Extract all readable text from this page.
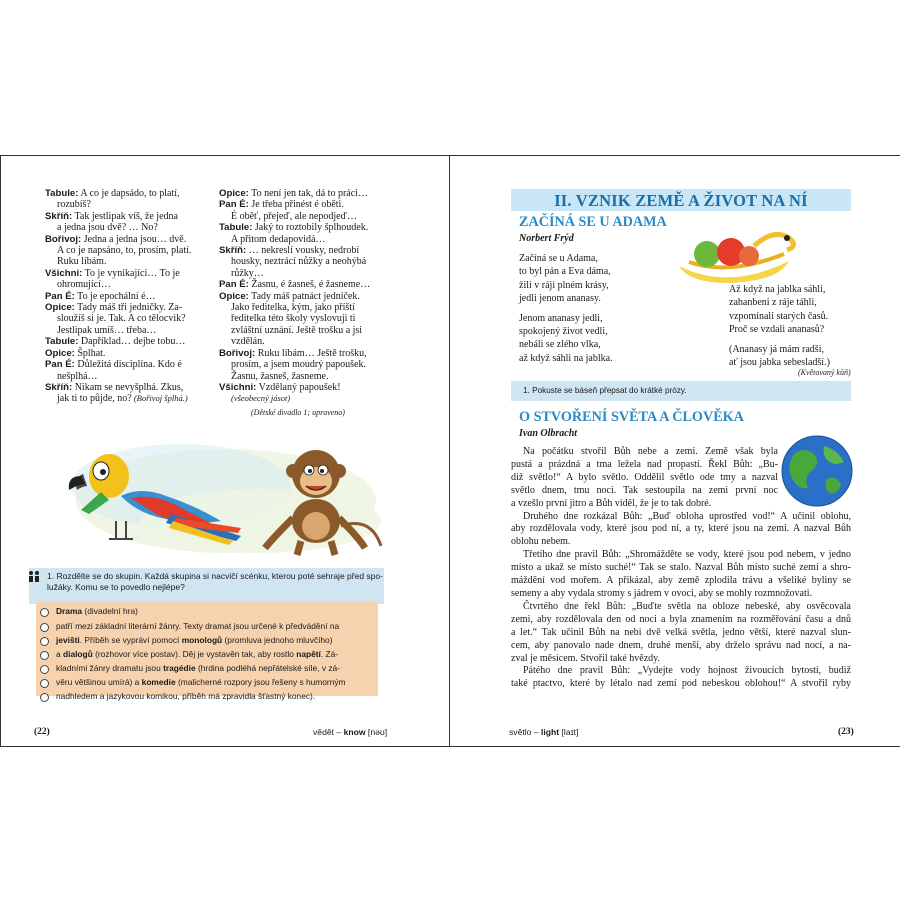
Tabule: A co je dapsádo, to platí,
rozubíš?
Skříň: Tak jestlipak víš, že jedna
a jedna jsou dvě? … No?
Bořivoj: Jedna a jedna jsou… dvě.
A co je napsáno, to, prosím, platí.
Ruku líbám.
Všichni: To je vynikající… To je
ohromující…
Pan É: To je epochální é…
Opice: Tady máš tři jedničky. Za-
sloužíš si je. Tak. A co tělocvik?
Jestlipak umíš… třeba…
Tabule: Dapříklad… dejbe tobu…
Opice: Šplhat.
Pan É: Důležitá disciplína. Kdo é
nešplhá…
Skříň: Nikam se nevyšplhá. Zkus,
jak ti to půjde, no? (Bořivoj šplhá.)
Opice: To není jen tak, dá to práci…
Pan É: Je třeba přinést é oběti.
É oběť, přejeď, ale nepodjeď…
Tabule: Jaký to roztobily šplhoudek.
A přitom dedapovidá…
Skříň: … nekreslí vousky, nedrobí
housky, neztrácí nůžky a neohýbá
růžky…
Pan É: Žasnu, é žasneš, é žasneme…
Opice: Tady máš patnáct jedniček.
Jako ředitelka, kým, jako příští
ředitelka této školy vyslovuji ti
zvláštní uznání. Ještě trošku a jsi
vzdělán.
Bořivoj: Ruku líbám… Ještě trošku,
prosím, a jsem moudrý papoušek.
Žasnu, žasneš, žasneme.
Všichni: Vzdělaný papoušek!
(všeobecný jásot)
(Dětské divadlo 1; upraveno)
1. Rozdělte se do skupin. Každá skupina si nacvičí scénku, kterou poté sehraje před spo-
lužáky. Komu se to povedlo nejlépe?
Drama (divadelní hra)
patří mezi základní literární žánry. Texty dramat jsou určené k předvádění na
jevišti. Příběh se vypráví pomocí monologů (promluva jednoho mluvčího)
a dialogů (rozhovor více postav). Děj je vystavěn tak, aby rostlo napětí. Zá-
kladními žánry dramatu jsou tragédie (hrdina podléhá nepřátelské síle, v zá-
věru většinou umírá) a komedie (malicherné rozpory jsou řešeny s humorným
nadhledem a jazykovou komikou, příběh má zpravidla šťastný konec).
(22)	vědět – know [nəʊ]
II. VZNIK ZEMĚ A ŽIVOT NA NÍ
ZAČÍNÁ SE U ADAMA
Norbert Frýd
Začíná se u Adama,
to byl pán a Eva dáma,
žili v ráji plném krásy,
jedli jenom ananasy.
Jenom ananasy jedli,
spokojený život vedli,
nebáli se zlého vlka,
až když sáhli na jablka.
Až když na jablka sáhli,
zahanbeni z ráje táhli,
vzpomínali starých časů.
Proč se vzdali ananasů?
(Ananasy já mám radši,
ať jsou jabka sebesladší.)
(Květovaný kůň)
1. Pokuste se báseň přepsat do krátké prózy.
O STVOŘENÍ SVĚTA A ČLOVĚKA
Ivan Olbracht
Na počátku stvořil Bůh nebe a zemi. Země však byla
pustá a prázdná a tma ležela nad propastí. Řekl Bůh: „Bu-
diž světlo!“ A bylo světlo. Oddělil světlo ode tmy a nazval
světlo dnem, tmu nocí. Tak sestoupila na zemi první noc
a vzešlo první jitro a Bůh viděl, že je to tak dobré.
Druhého dne rozkázal Bůh: „Buď obloha uprostřed vod!“ A učinil oblohu,
aby rozdělovala vody, které jsou pod ní, a ty, které jsou na zemi. A nazval Bůh
oblohu nebem.
Třetího dne pravil Bůh: „Shromážděte se vody, které jsou pod nebem, v jedno
místo a ukaž se místo suché!“ Tak se stalo. Nazval Bůh místo suché zemí a shro-
máždění vod mořem. A přikázal, aby země zplodila trávu a všeliké byliny se
semeny a aby vydala stromy s jádrem v ovoci, aby se mohly rozmnožovati.
Čtvrtého dne řekl Bůh: „Buďte světla na obloze nebeské, aby osvěcovala
zemi, aby rozdělovala den od noci a byla znamením na rozměřování času a dnů
a let.“ Tak učinil Bůh na nebi dvě velká světla, jedno větší, které nazval slun-
cem, aby panovalo nade dnem, druhé menší, aby drželo správu nad nocí, a na-
zval je měsícem. Stvořil také hvězdy.
Pátého dne pravil Bůh: „Vydejte vody hojnost živoucích bytostí, budiž
také ptactvo, které by létalo nad zemí pod nebeskou oblohou!“ A stvořil ryby
světlo – light [laɪt]	(23)
